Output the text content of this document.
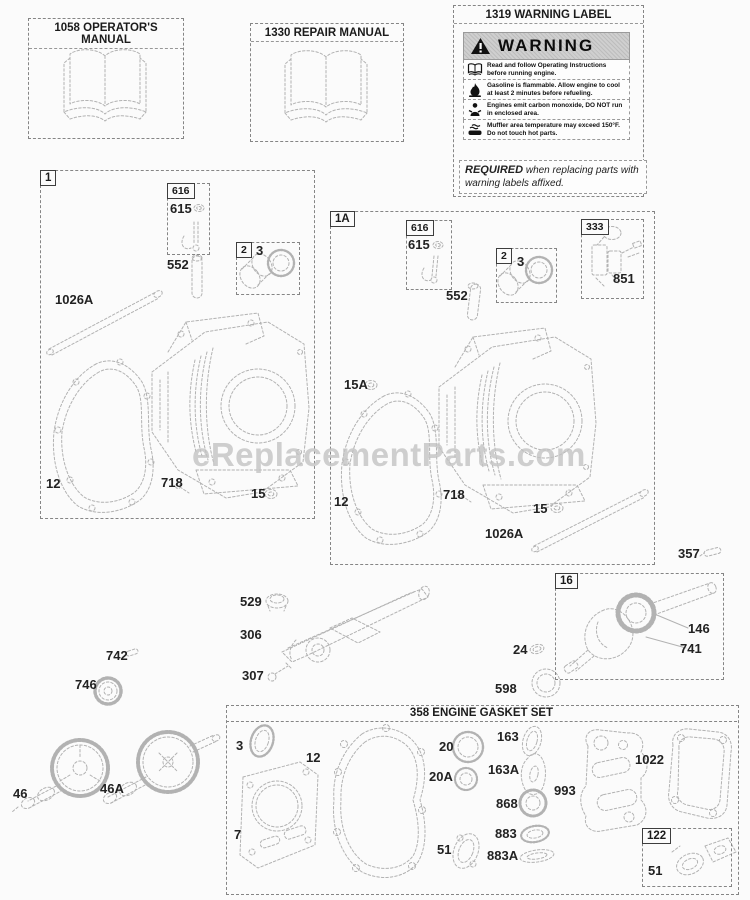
1058 OPERATOR'S MANUAL
1330 REPAIR MANUAL
1319 WARNING LABEL
358 ENGINE GASKET SET
WARNING
Read and follow Operating Instructions before running engine.
Gasoline is flammable. Allow engine to cool at least 2 minutes before refueling.
Engines emit carbon monoxide, DO NOT run in enclosed area.
Muffler area temperature may exceed 150°F. Do not touch hot parts.
REQUIRED when replacing parts with warning labels affixed.
1
1A
616
2
616
2
333
16
122
615
552
3
1026A
12	718
15
615
552
3
851
15A
12	718
15
1026A
357
146
741
529
306
307
24
598
742
746
46	46A
3
7
12
20
20A
51
163
163A
868
883
883A
993
1022
51
eReplacementParts.com
